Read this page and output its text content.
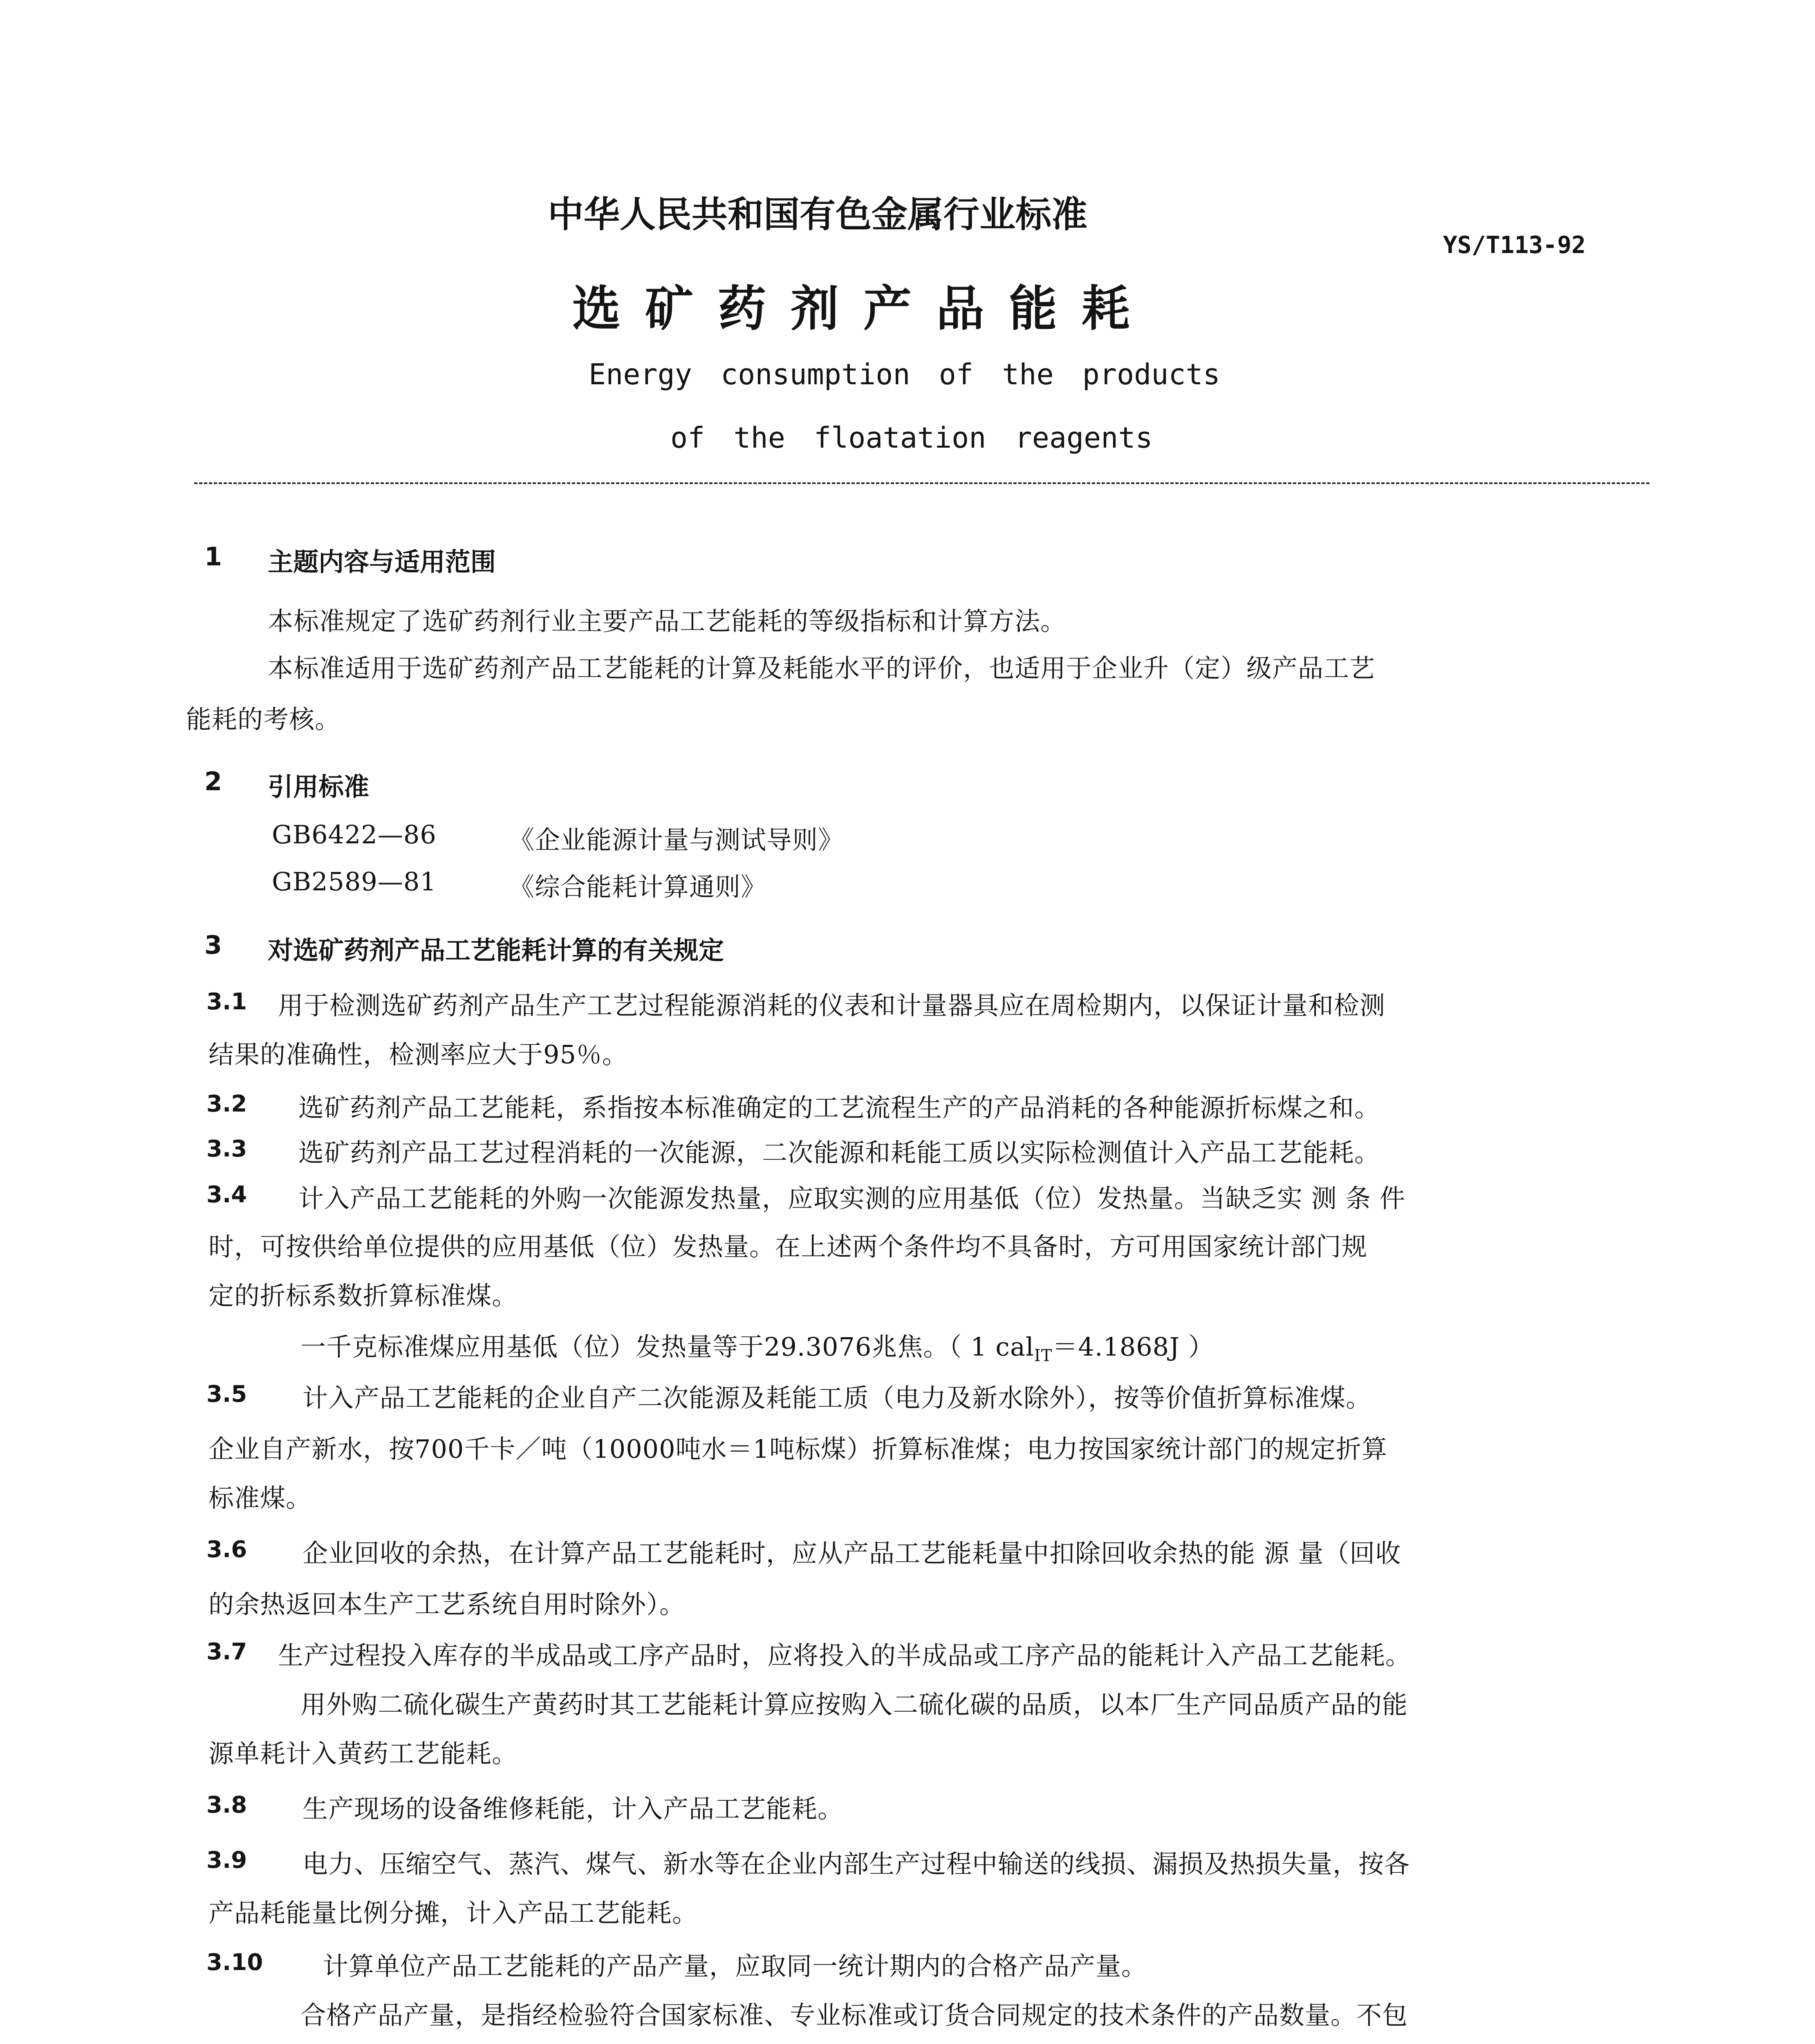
中华人民共和国有色金属行业标准
YS/T113-92
选矿药剂产品能耗
Energy consumption of the products
of the floatation reagents
1 主题内容与适用范围
本标准规定了选矿药剂行业主要产品工艺能耗的等级指标和计算方法。
本标准适用于选矿药剂产品工艺能耗的计算及耗能水平的评价，也适用于企业升（定）级产品工艺
能耗的考核。
2 引用标准
GB6422—86	《企业能源计量与测试导则》
GB2589—81	《综合能耗计算通则》
3 对选矿药剂产品工艺能耗计算的有关规定
3.1 用于检测选矿药剂产品生产工艺过程能源消耗的仪表和计量器具应在周检期内，以保证计量和检测
结果的准确性，检测率应大于95％。
3.2 选矿药剂产品工艺能耗，系指按本标准确定的工艺流程生产的产品消耗的各种能源折标煤之和。
3.3 选矿药剂产品工艺过程消耗的一次能源，二次能源和耗能工质以实际检测值计入产品工艺能耗。
3.4 计入产品工艺能耗的外购一次能源发热量，应取实测的应用基低（位）发热量。当缺乏实 测 条 件
时，可按供给单位提供的应用基低（位）发热量。在上述两个条件均不具备时，方可用国家统计部门规
定的折标系数折算标准煤。
一千克标准煤应用基低（位）发热量等于29.3076兆焦。（ 1 cal$_{IT}$＝4.1868J ）
3.5 计入产品工艺能耗的企业自产二次能源及耗能工质（电力及新水除外），按等价值折算标准煤。
企业自产新水，按700千卡／吨（10000吨水＝1吨标煤）折算标准煤；电力按国家统计部门的规定折算
标准煤。
3.6 企业回收的余热，在计算产品工艺能耗时，应从产品工艺能耗量中扣除回收余热的能 源 量（回收
的余热返回本生产工艺系统自用时除外）。
3.7 生产过程投入库存的半成品或工序产品时，应将投入的半成品或工序产品的能耗计入产品工艺能耗。
用外购二硫化碳生产黄药时其工艺能耗计算应按购入二硫化碳的品质，以本厂生产同品质产品的能
源单耗计入黄药工艺能耗。
3.8 生产现场的设备维修耗能，计入产品工艺能耗。
3.9 电力、压缩空气、蒸汽、煤气、新水等在企业内部生产过程中输送的线损、漏损及热损失量，按各
产品耗能量比例分摊，计入产品工艺能耗。
3.10 计算单位产品工艺能耗的产品产量，应取同一统计期内的合格产品产量。
合格产品产量，是指经检验符合国家标准、专业标准或订货合同规定的技术条件的产品数量。不包
